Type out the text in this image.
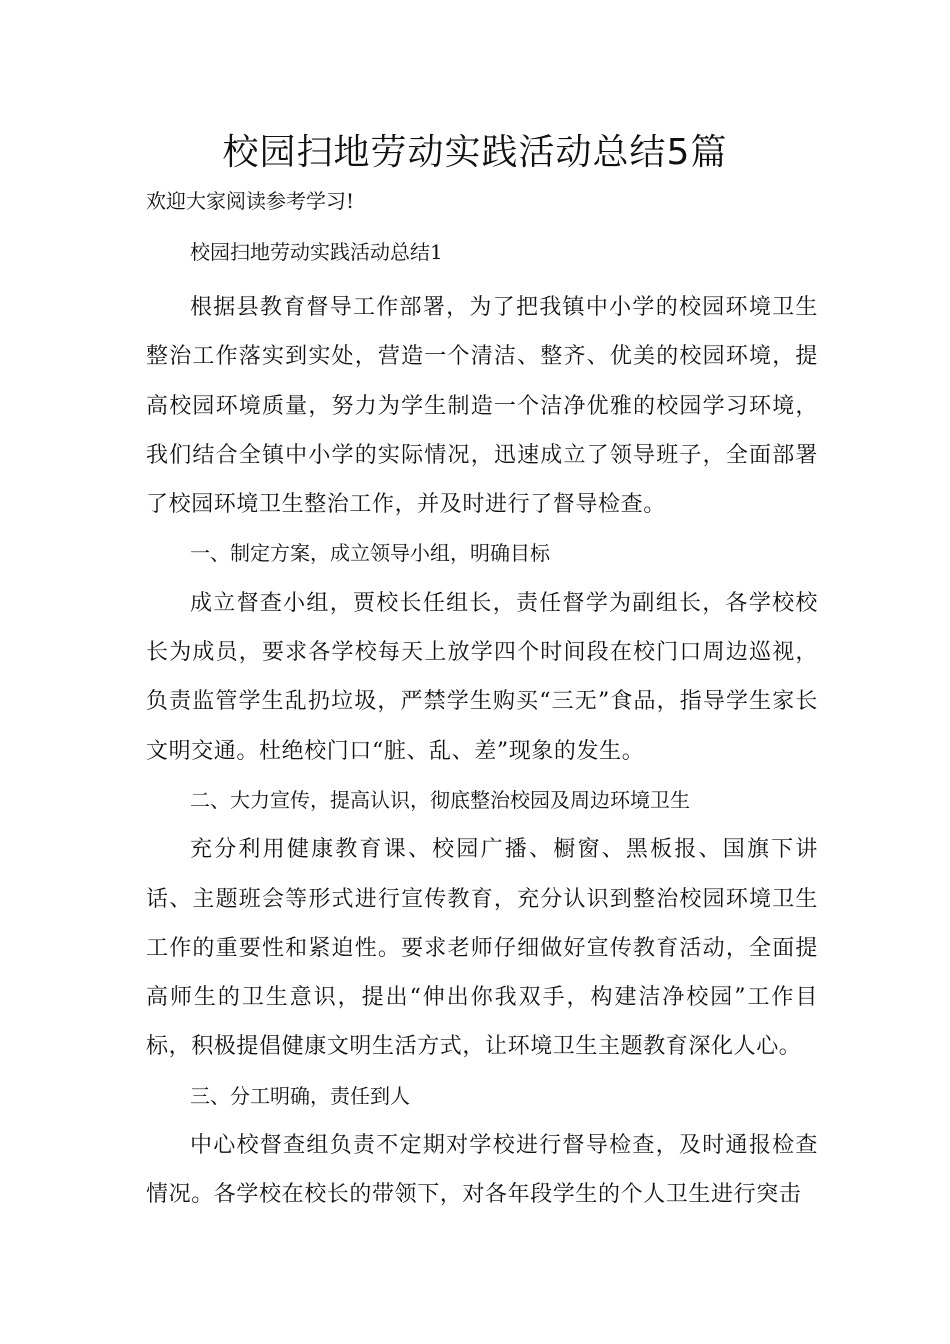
校园扫地劳动实践活动总结5篇

欢迎大家阅读参考学习!

校园扫地劳动实践活动总结1

根据县教育督导工作部署，为了把我镇中小学的校园环境卫生整治工作落实到实处，营造一个清洁、整齐、优美的校园环境，提高校园环境质量，努力为学生制造一个洁净优雅的校园学习环境，我们结合全镇中小学的实际情况，迅速成立了领导班子，全面部署了校园环境卫生整治工作，并及时进行了督导检查。

一、制定方案，成立领导小组，明确目标

成立督查小组，贾校长任组长，责任督学为副组长，各学校校长为成员，要求各学校每天上放学四个时间段在校门口周边巡视，负责监管学生乱扔垃圾，严禁学生购买“三无”食品，指导学生家长文明交通。杜绝校门口“脏、乱、差”现象的发生。

二、大力宣传，提高认识，彻底整治校园及周边环境卫生

充分利用健康教育课、校园广播、橱窗、黑板报、国旗下讲话、主题班会等形式进行宣传教育，充分认识到整治校园环境卫生工作的重要性和紧迫性。要求老师仔细做好宣传教育活动，全面提高师生的卫生意识，提出“伸出你我双手，构建洁净校园”工作目标，积极提倡健康文明生活方式，让环境卫生主题教育深化人心。

三、分工明确，责任到人

中心校督查组负责不定期对学校进行督导检查，及时通报检查情况。各学校在校长的带领下，对各年段学生的个人卫生进行突击
